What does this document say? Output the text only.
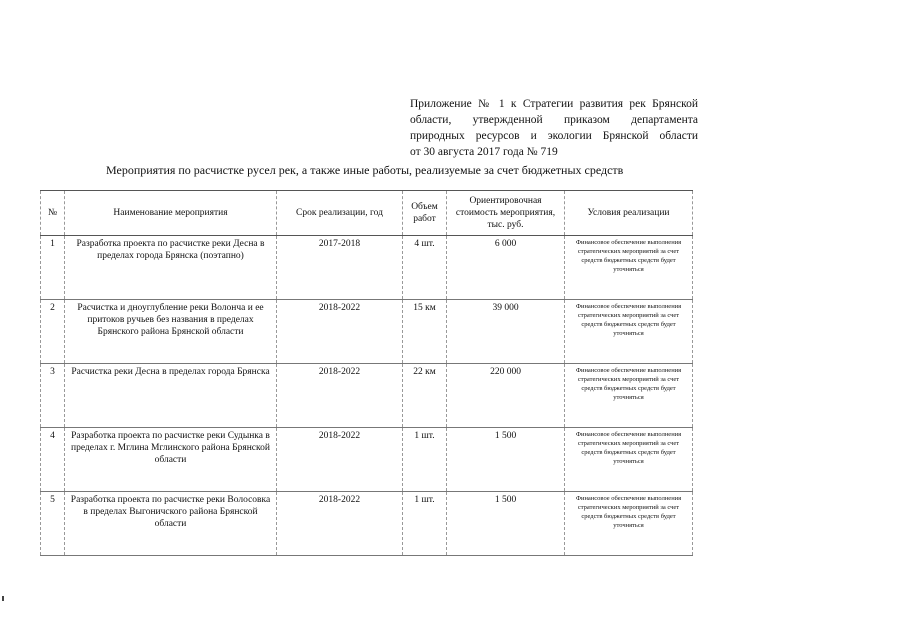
Приложение № 1 к Стратегии развития рек Брянской
области, утвержденной приказом департамента
природных ресурсов и экологии Брянской области
от 30 августа 2017 года № 719
Мероприятия по расчистке русел рек, а также иные работы, реализуемые за счет бюджетных средств
№	Наименование мероприятия	Срок реализации, год	Объем работ	Ориентировочная стоимость мероприятия, тыс. руб.	Условия реализации
1	Разработка проекта по расчистке реки Десна в пределах города Брянска (поэтапно)	2017-2018	4 шт.	6 000	Финансовое обеспечение выполнения стратегических мероприятий за счет средств бюджетных средств будет уточняться
2	Расчистка и дноуглубление реки Волонча и ее притоков ручьев без названия в пределах Брянского района Брянской области	2018-2022	15 км	39 000	Финансовое обеспечение выполнения стратегических мероприятий за счет средств бюджетных средств будет уточняться
3	Расчистка реки Десна в пределах города Брянска	2018-2022	22 км	220 000	Финансовое обеспечение выполнения стратегических мероприятий за счет средств бюджетных средств будет уточняться
4	Разработка проекта по расчистке реки Судынка в пределах г. Мглина Мглинского района Брянской области	2018-2022	1 шт.	1 500	Финансовое обеспечение выполнения стратегических мероприятий за счет средств бюджетных средств будет уточняться
5	Разработка проекта по расчистке реки Волосовка в пределах Выгоничского района Брянской области	2018-2022	1 шт.	1 500	Финансовое обеспечение выполнения стратегических мероприятий за счет средств бюджетных средств будет уточняться
